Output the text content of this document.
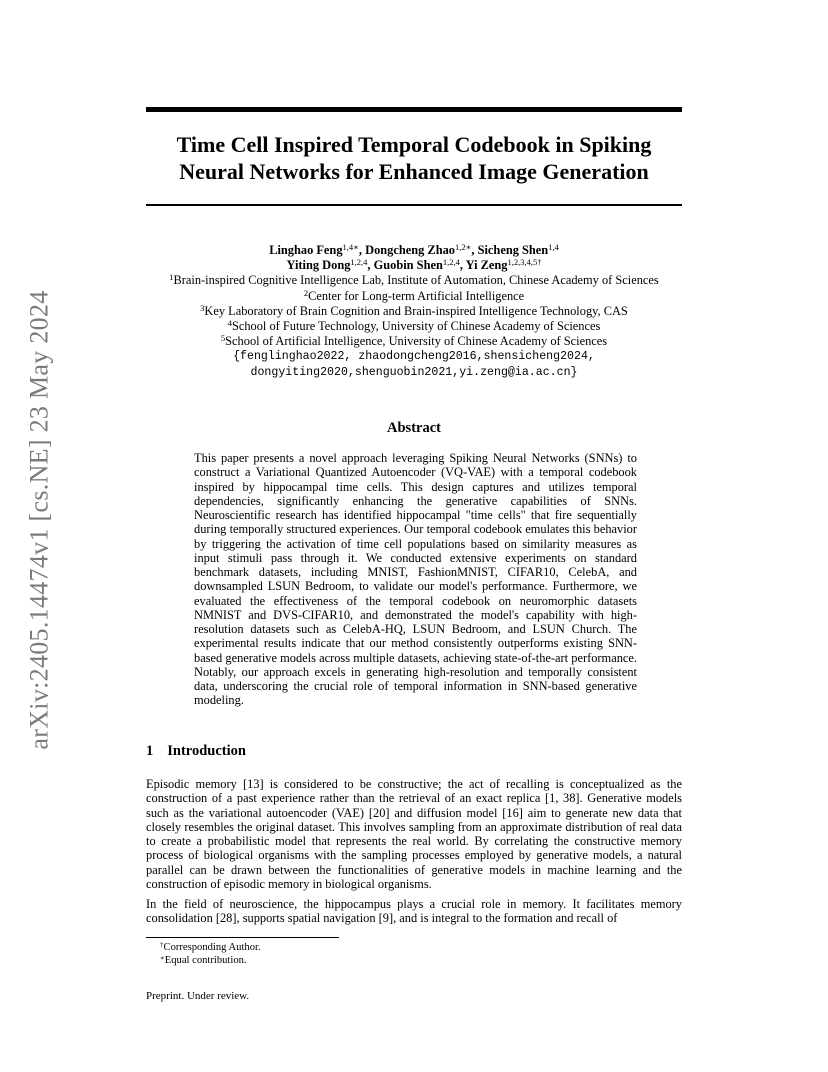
arXiv:2405.14474v1 [cs.NE] 23 May 2024
Time Cell Inspired Temporal Codebook in Spiking
Neural Networks for Enhanced Image Generation
Linghao Feng$^{1,4∗}$, Dongcheng Zhao$^{1,2∗}$, Sicheng Shen$^{1,4}$
Yiting Dong$^{1,2,4}$, Guobin Shen$^{1,2,4}$, Yi Zeng$^{1,2,3,4,5\dagger}$
$^1$Brain-inspired Cognitive Intelligence Lab, Institute of Automation, Chinese Academy of Sciences
$^2$Center for Long-term Artificial Intelligence
$^3$Key Laboratory of Brain Cognition and Brain-inspired Intelligence Technology, CAS
$^4$School of Future Technology, University of Chinese Academy of Sciences
$^5$School of Artificial Intelligence, University of Chinese Academy of Sciences
{fenglinghao2022, zhaodongcheng2016,shensicheng2024,
dongyiting2020,shenguobin2021,yi.zeng@ia.ac.cn}
Abstract
This paper presents a novel approach leveraging Spiking Neural Networks (SNNs) to construct a Variational Quantized Autoencoder (VQ-VAE) with a temporal codebook inspired by hippocampal time cells. This design captures and utilizes temporal dependencies, significantly enhancing the generative capabilities of SNNs. Neuroscientific research has identified hippocampal "time cells" that fire sequentially during temporally structured experiences. Our temporal codebook emulates this behavior by triggering the activation of time cell populations based on similarity measures as input stimuli pass through it. We conducted extensive experiments on standard benchmark datasets, including MNIST, FashionMNIST, CIFAR10, CelebA, and downsampled LSUN Bedroom, to validate our model's performance. Furthermore, we evaluated the effectiveness of the temporal codebook on neuromorphic datasets NMNIST and DVS-CIFAR10, and demonstrated the model's capability with high-resolution datasets such as CelebA-HQ, LSUN Bedroom, and LSUN Church. The experimental results indicate that our method consistently outperforms existing SNN-based generative models across multiple datasets, achieving state-of-the-art performance. Notably, our approach excels in generating high-resolution and temporally consistent data, underscoring the crucial role of temporal information in SNN-based generative modeling.
1 Introduction

Episodic memory [13] is considered to be constructive; the act of recalling is conceptualized as the construction of a past experience rather than the retrieval of an exact replica [1, 38]. Generative models such as the variational autoencoder (VAE) [20] and diffusion model [16] aim to generate new data that closely resembles the original dataset. This involves sampling from an approximate distribution of real data to create a probabilistic model that represents the real world. By correlating the constructive memory process of biological organisms with the sampling processes employed by generative models, a natural parallel can be drawn between the functionalities of generative models in machine learning and the construction of episodic memory in biological organisms.

In the field of neuroscience, the hippocampus plays a crucial role in memory. It facilitates memory consolidation [28], supports spatial navigation [9], and is integral to the formation and recall of

†Corresponding Author.
∗Equal contribution.
Preprint. Under review.
